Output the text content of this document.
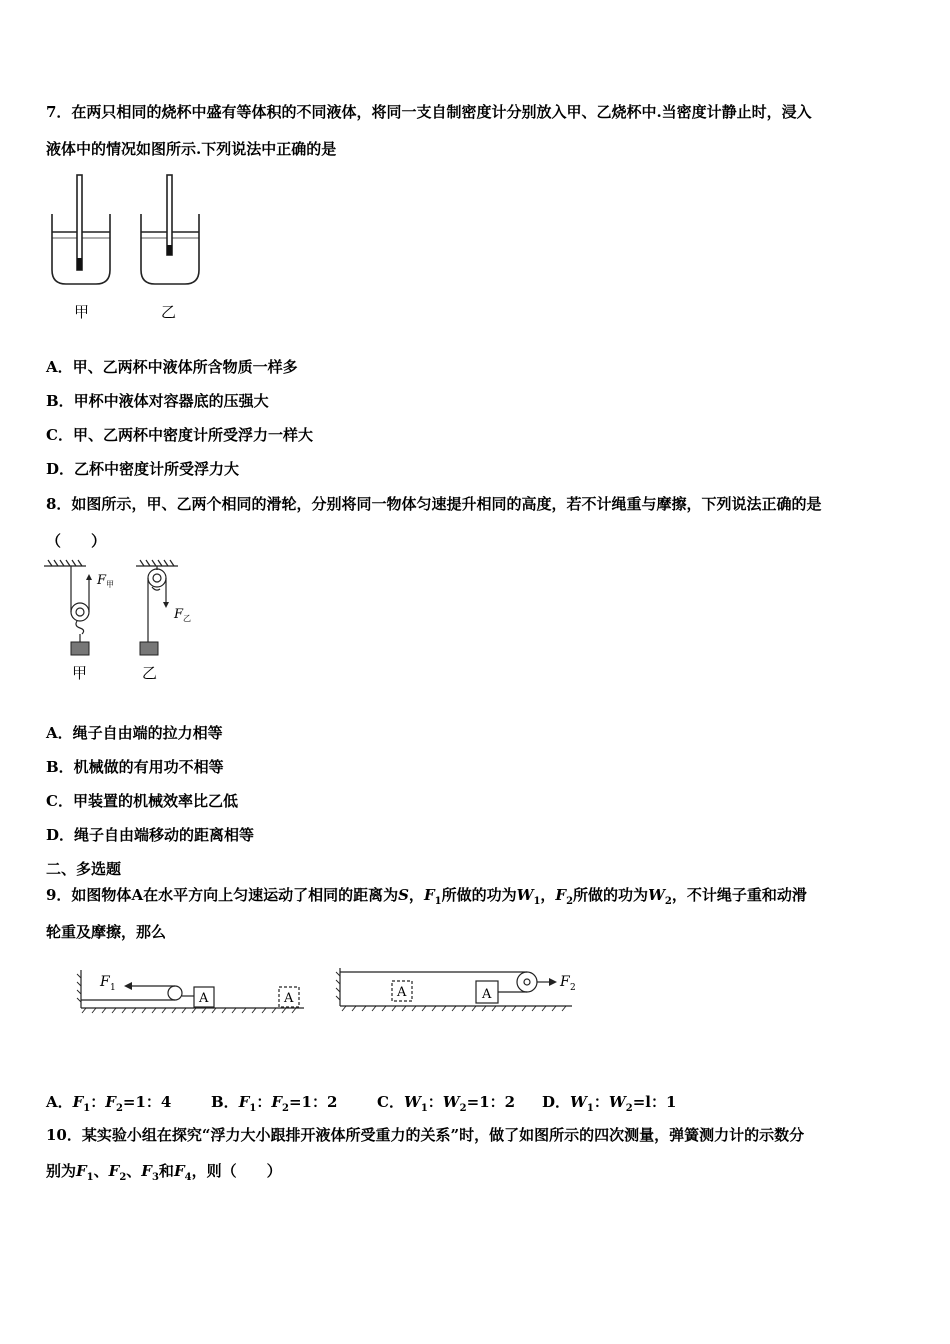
7．在两只相同的烧杯中盛有等体积的不同液体，将同一支自制密度计分别放入甲、乙烧杯中.当密度计静止时，浸入
液体中的情况如图所示.下列说法中正确的是
甲	乙
A．甲、乙两杯中液体所含物质一样多
B．甲杯中液体对容器底的压强大
C．甲、乙两杯中密度计所受浮力一样大
D．乙杯中密度计所受浮力大
8．如图所示，甲、乙两个相同的滑轮，分别将同一物体匀速提升相同的高度，若不计绳重与摩擦，下列说法正确的是
（　　）
F 甲
F 乙
甲	乙
A．绳子自由端的拉力相等
B．机械做的有用功不相等
C．甲装置的机械效率比乙低
D．绳子自由端移动的距离相等
二、多选题
9．如图物体A在水平方向上匀速运动了相同的距离为S，$F_1$所做的功为$W_1$，$F_2$所做的功为$W_2$，不计绳子重和动滑
轮重及摩擦，那么
F 1	F 2
A	A	A	A
A．$F_1$：$F_2=1$：4	B．$F_1$：$F_2=1$：2	C．$W_1$：$W_2=1$：2 D．$W_1$：$W_2=l$：1
10．某实验小组在探究“浮力大小跟排开液体所受重力的关系”时，做了如图所示的四次测量，弹簧测力计的示数分
别为$F_1$、$F_2$、$F_3$和$F_4$，则（　　）
